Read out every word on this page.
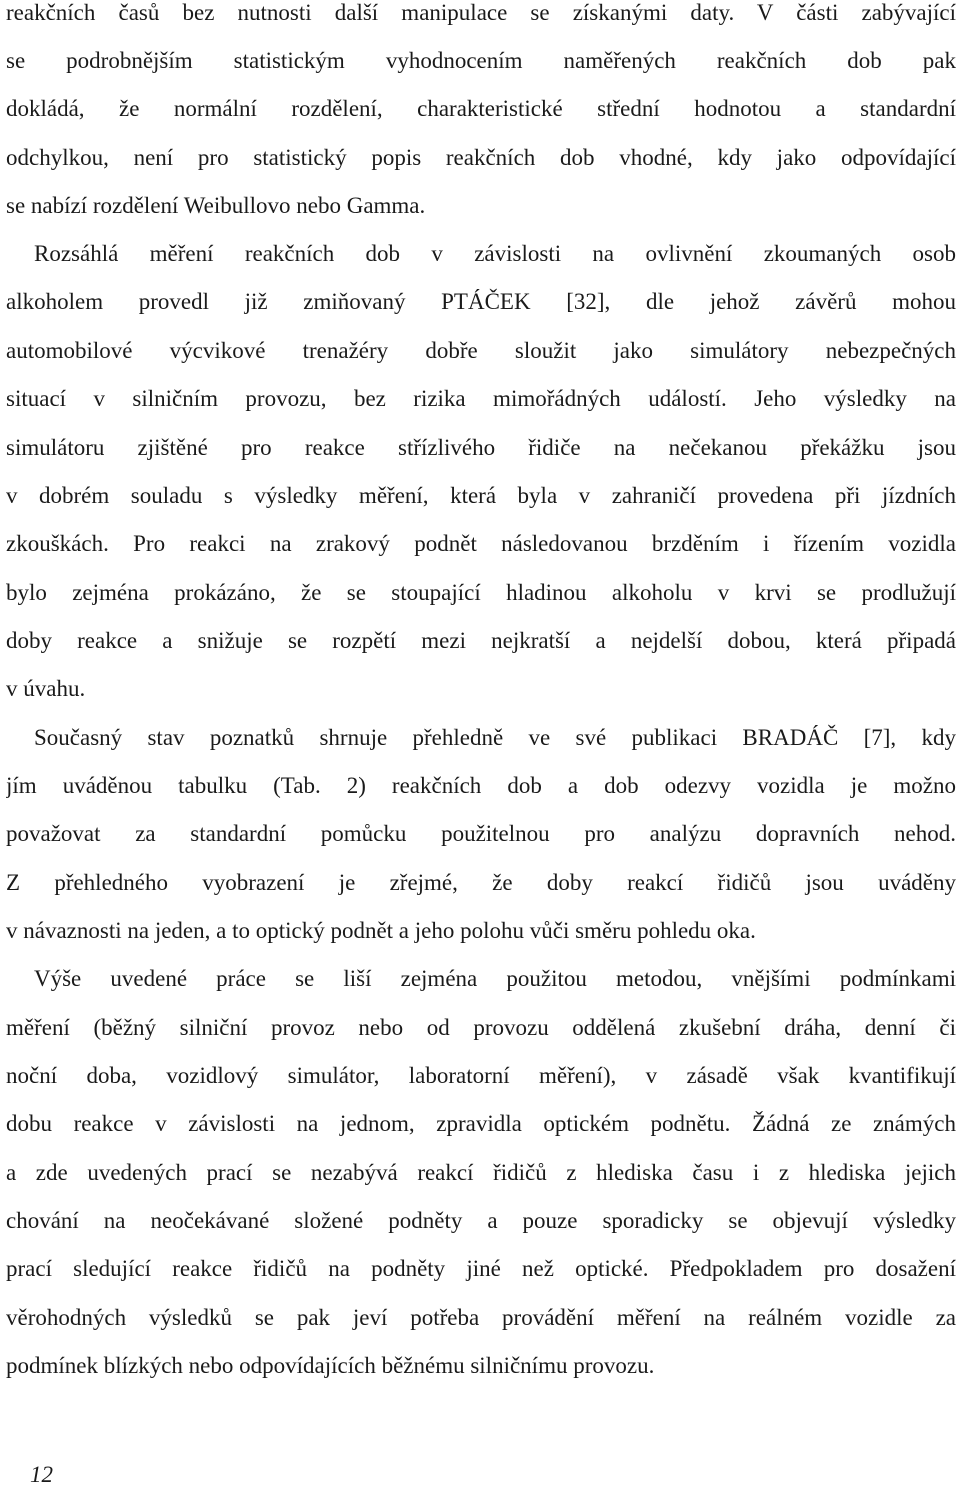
reakčních časů bez nutnosti další manipulace se získanými daty. V části zabývající
se podrobnějším statistickým vyhodnocením naměřených reakčních dob pak
dokládá, že normální rozdělení, charakteristické střední hodnotou a standardní
odchylkou, není pro statistický popis reakčních dob vhodné, kdy jako odpovídající
se nabízí rozdělení Weibullovo nebo Gamma.
Rozsáhlá měření reakčních dob v závislosti na ovlivnění zkoumaných osob
alkoholem provedl již zmiňovaný PTÁČEK [32], dle jehož závěrů mohou
automobilové výcvikové trenažéry dobře sloužit jako simulátory nebezpečných
situací v silničním provozu, bez rizika mimořádných událostí. Jeho výsledky na
simulátoru zjištěné pro reakce střízlivého řidiče na nečekanou překážku jsou
v dobrém souladu s výsledky měření, která byla v zahraničí provedena při jízdních
zkouškách. Pro reakci na zrakový podnět následovanou brzděním i řízením vozidla
bylo zejména prokázáno, že se stoupající hladinou alkoholu v krvi se prodlužují
doby reakce a snižuje se rozpětí mezi nejkratší a nejdelší dobou, která připadá
v úvahu.
Současný stav poznatků shrnuje přehledně ve své publikaci BRADÁČ [7], kdy
jím uváděnou tabulku (Tab. 2) reakčních dob a dob odezvy vozidla je možno
považovat za standardní pomůcku použitelnou pro analýzu dopravních nehod.
Z přehledného vyobrazení je zřejmé, že doby reakcí řidičů jsou uváděny
v návaznosti na jeden, a to optický podnět a jeho polohu vůči směru pohledu oka.
Výše uvedené práce se liší zejména použitou metodou, vnějšími podmínkami
měření (běžný silniční provoz nebo od provozu oddělená zkušební dráha, denní či
noční doba, vozidlový simulátor, laboratorní měření), v zásadě však kvantifikují
dobu reakce v závislosti na jednom, zpravidla optickém podnětu. Žádná ze známých
a zde uvedených prací se nezabývá reakcí řidičů z hlediska času i z hlediska jejich
chování na neočekávané složené podněty a pouze sporadicky se objevují výsledky
prací sledující reakce řidičů na podněty jiné než optické. Předpokladem pro dosažení
věrohodných výsledků se pak jeví potřeba provádění měření na reálném vozidle za
podmínek blízkých nebo odpovídajících běžnému silničnímu provozu.
12
